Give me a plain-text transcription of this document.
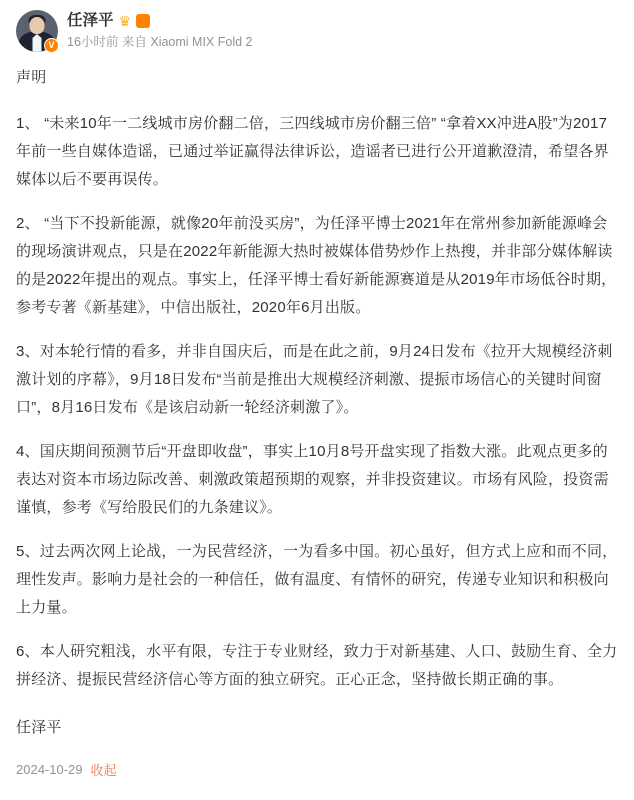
V
任泽平 ♛
16小时前 来自 Xiaomi MIX Fold 2

声明

1、 “未来10年一二线城市房价翻二倍，三四线城市房价翻三倍” “拿着XX冲进A股”为2017年前一些自媒体造谣，已通过举证赢得法律诉讼，造谣者已进行公开道歉澄清，希望各界媒体以后不要再误传。

2、 “当下不投新能源，就像20年前没买房”，为任泽平博士2021年在常州参加新能源峰会的现场演讲观点，只是在2022年新能源大热时被媒体借势炒作上热搜，并非部分媒体解读的是2022年提出的观点。事实上，任泽平博士看好新能源赛道是从2019年市场低谷时期，参考专著《新基建》，中信出版社，2020年6月出版。

3、对本轮行情的看多，并非自国庆后，而是在此之前，9月24日发布《拉开大规模经济刺激计划的序幕》，9月18日发布“当前是推出大规模经济刺激、提振市场信心的关键时间窗口”，8月16日发布《是该启动新一轮经济刺激了》。

4、国庆期间预测节后“开盘即收盘”，事实上10月8号开盘实现了指数大涨。此观点更多的表达对资本市场边际改善、刺激政策超预期的观察，并非投资建议。市场有风险，投资需谨慎，参考《写给股民们的九条建议》。

5、过去两次网上论战，一为民营经济，一为看多中国。初心虽好，但方式上应和而不同，理性发声。影响力是社会的一种信任，做有温度、有情怀的研究，传递专业知识和积极向上力量。

6、本人研究粗浅，水平有限，专注于专业财经，致力于对新基建、人口、鼓励生育、全力拼经济、提振民营经济信心等方面的独立研究。正心正念，坚持做长期正确的事。

任泽平

2024-10-29 收起
